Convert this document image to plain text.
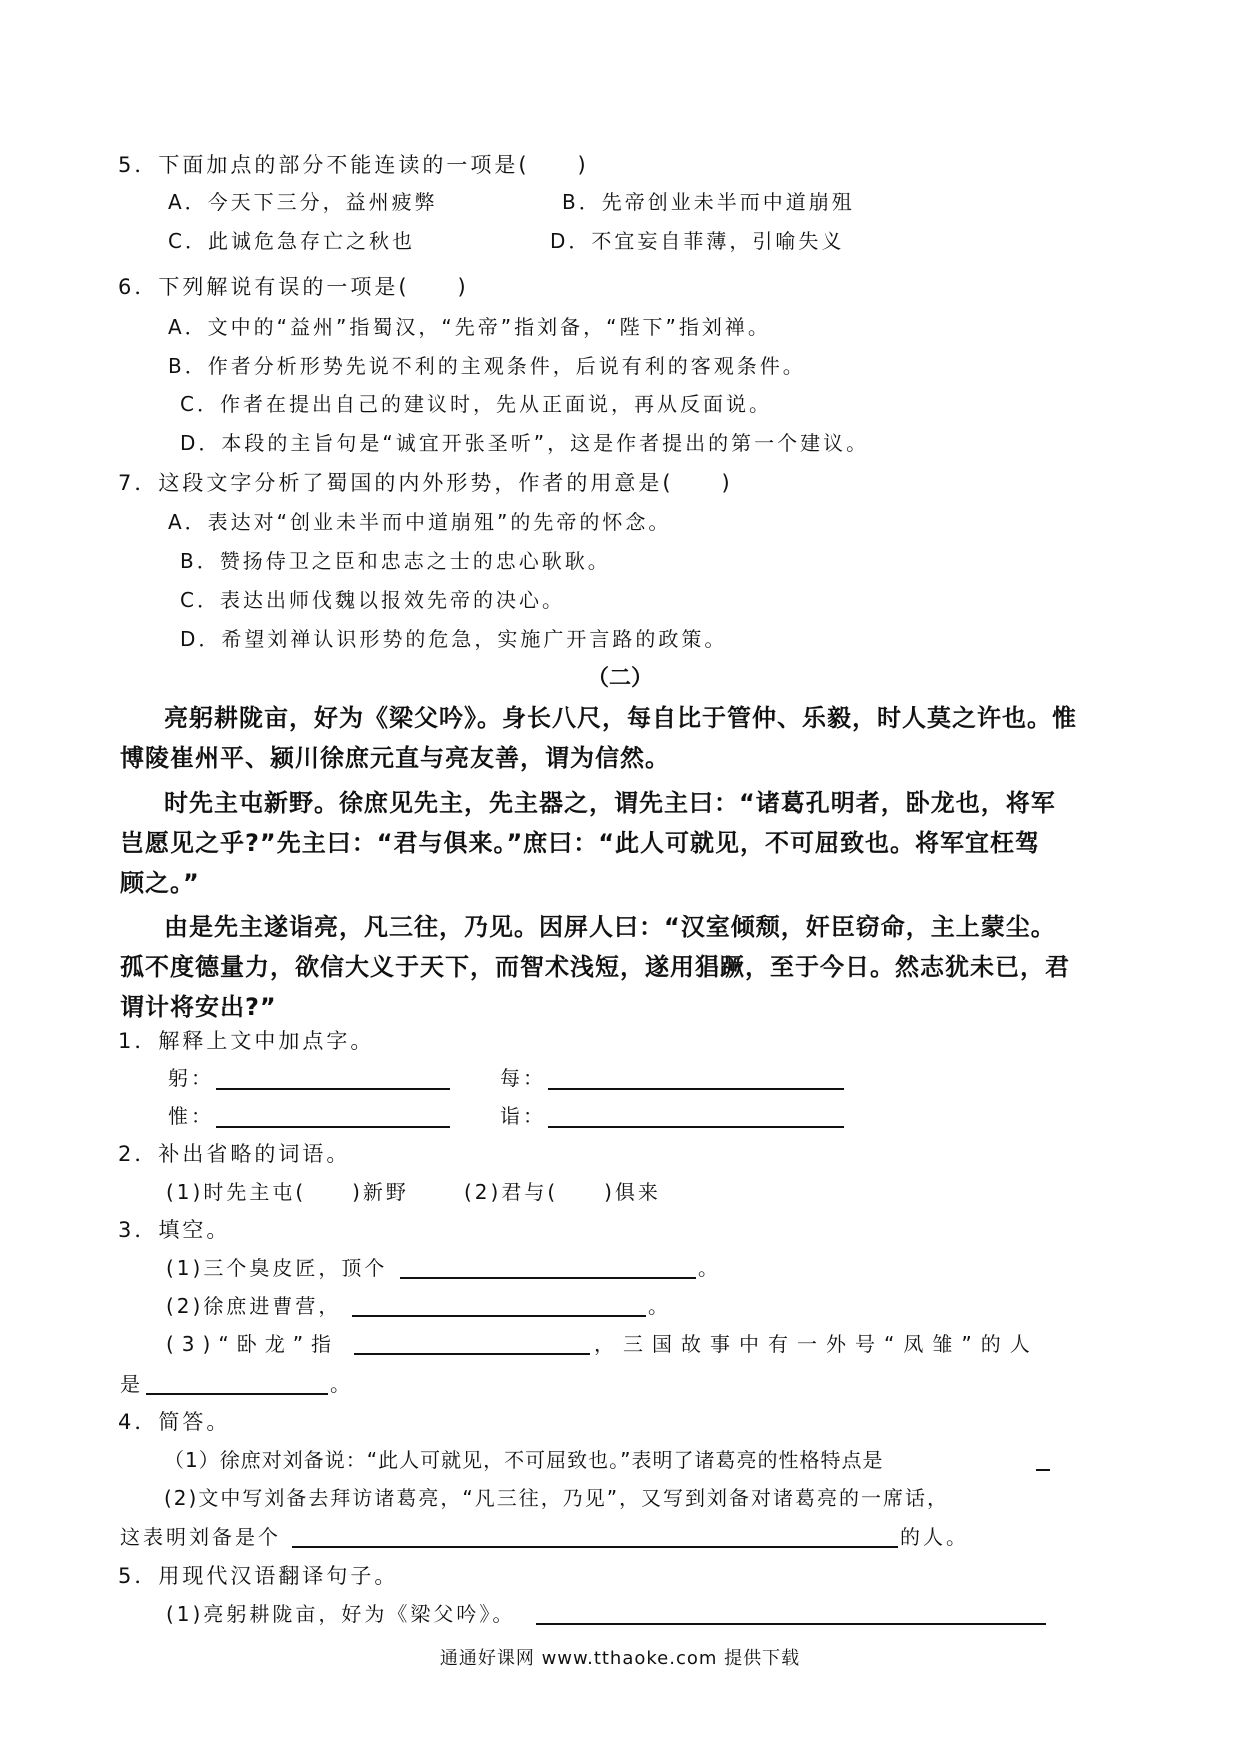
5．下面加点的部分不能连读的一项是(　　)
A．今天下三分，益州疲弊	B．先帝创业未半而中道崩殂
C．此诚危急存亡之秋也	D．不宜妄自菲薄，引喻失义
6．下列解说有误的一项是(　　)
A．文中的“益州”指蜀汉，“先帝”指刘备，“陛下”指刘禅。
B．作者分析形势先说不利的主观条件，后说有利的客观条件。
C．作者在提出自己的建议时，先从正面说，再从反面说。
D．本段的主旨句是“诚宜开张圣听”，这是作者提出的第一个建议。
7．这段文字分析了蜀国的内外形势，作者的用意是(　　)
A．表达对“创业未半而中道崩殂”的先帝的怀念。
B．赞扬侍卫之臣和忠志之士的忠心耿耿。
C．表达出师伐魏以报效先帝的决心。
D．希望刘禅认识形势的危急，实施广开言路的政策。
（二）
亮躬耕陇亩，好为《梁父吟》。身长八尺，每自比于管仲、乐毅，时人莫之许也。惟
博陵崔州平、颍川徐庶元直与亮友善，谓为信然。
时先主屯新野。徐庶见先主，先主器之，谓先主曰：“诸葛孔明者，卧龙也，将军
岂愿见之乎?”先主曰：“君与俱来。”庶曰：“此人可就见，不可屈致也。将军宜枉驾
顾之。”
由是先主遂诣亮，凡三往，乃见。因屏人曰：“汉室倾颓，奸臣窃命，主上蒙尘。
孤不度德量力，欲信大义于天下，而智术浅短，遂用猖蹶，至于今日。然志犹未已，君
谓计将安出?”
1．解释上文中加点字。
躬：	每：
惟：	诣：
2．补出省略的词语。
(1)时先主屯(　　)新野	(2)君与(　　)俱来
3．填空。
(1)三个臭皮匠，顶个	。
(2)徐庶进曹营，	。
(3)“卧龙”指	，三国故事中有一外号“凤雏”的人
是	。
4．简答。
（1）徐庶对刘备说：“此人可就见，不可屈致也。”表明了诸葛亮的性格特点是
(2)文中写刘备去拜访诸葛亮，“凡三往，乃见”，又写到刘备对诸葛亮的一席话，
这表明刘备是个	的人。
5．用现代汉语翻译句子。
(1)亮躬耕陇亩，好为《梁父吟》。
通通好课网 www.tthaoke.com 提供下载
